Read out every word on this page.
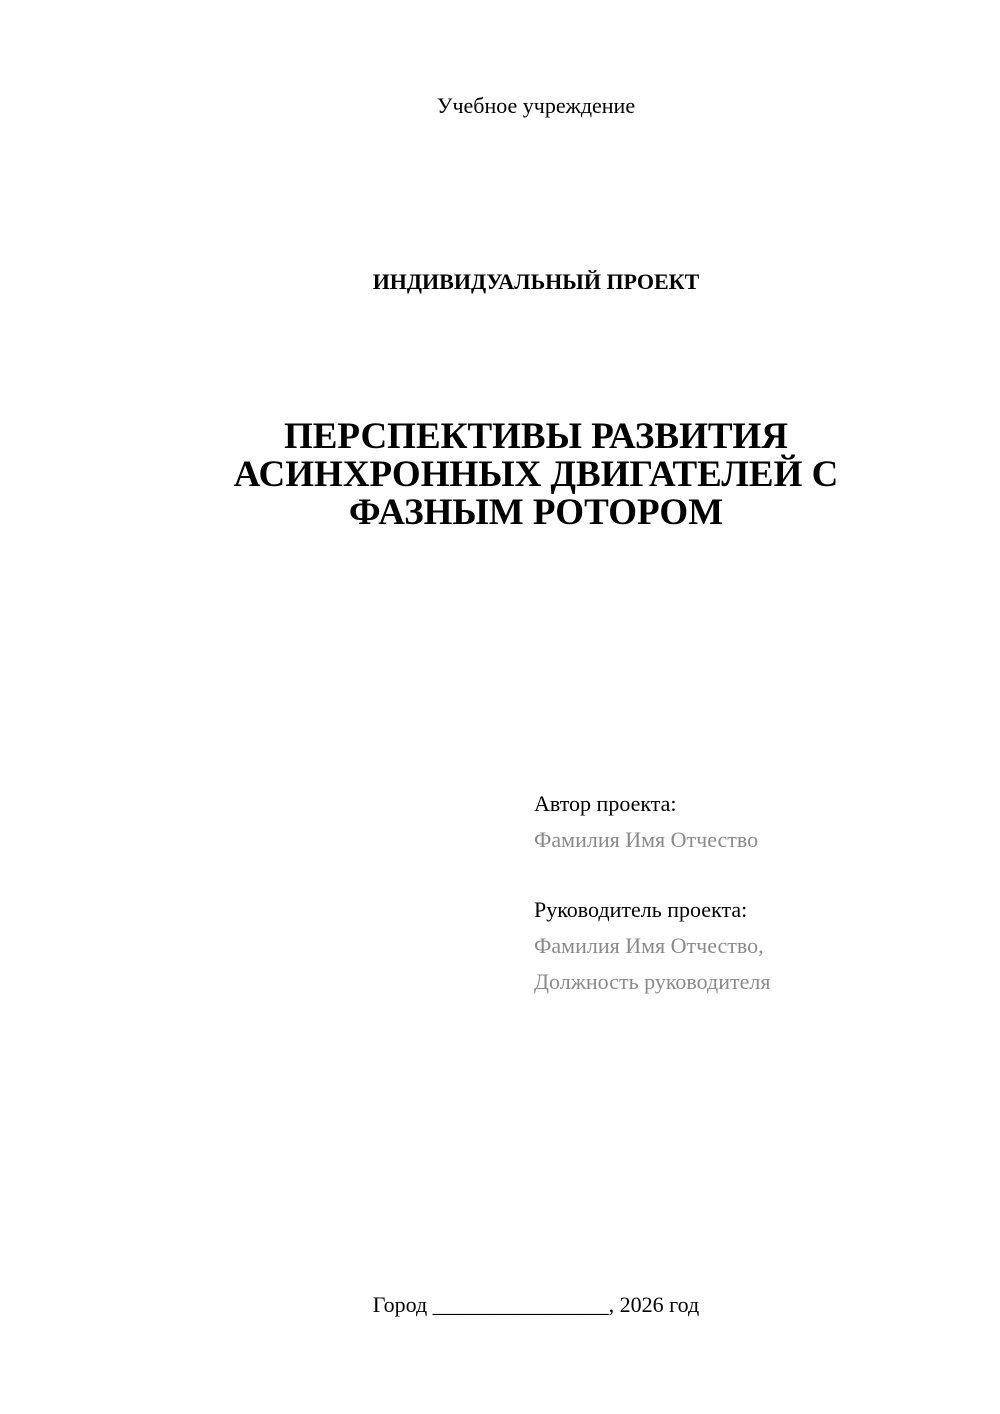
Учебное учреждение
ИНДИВИДУАЛЬНЫЙ ПРОЕКТ
ПЕРСПЕКТИВЫ РАЗВИТИЯ
АСИНХРОННЫХ ДВИГАТЕЛЕЙ С
ФАЗНЫМ РОТОРОМ
Автор проекта:
Фамилия Имя Отчество
Руководитель проекта:
Фамилия Имя Отчество,
Должность руководителя
Город ________________, 2026 год
